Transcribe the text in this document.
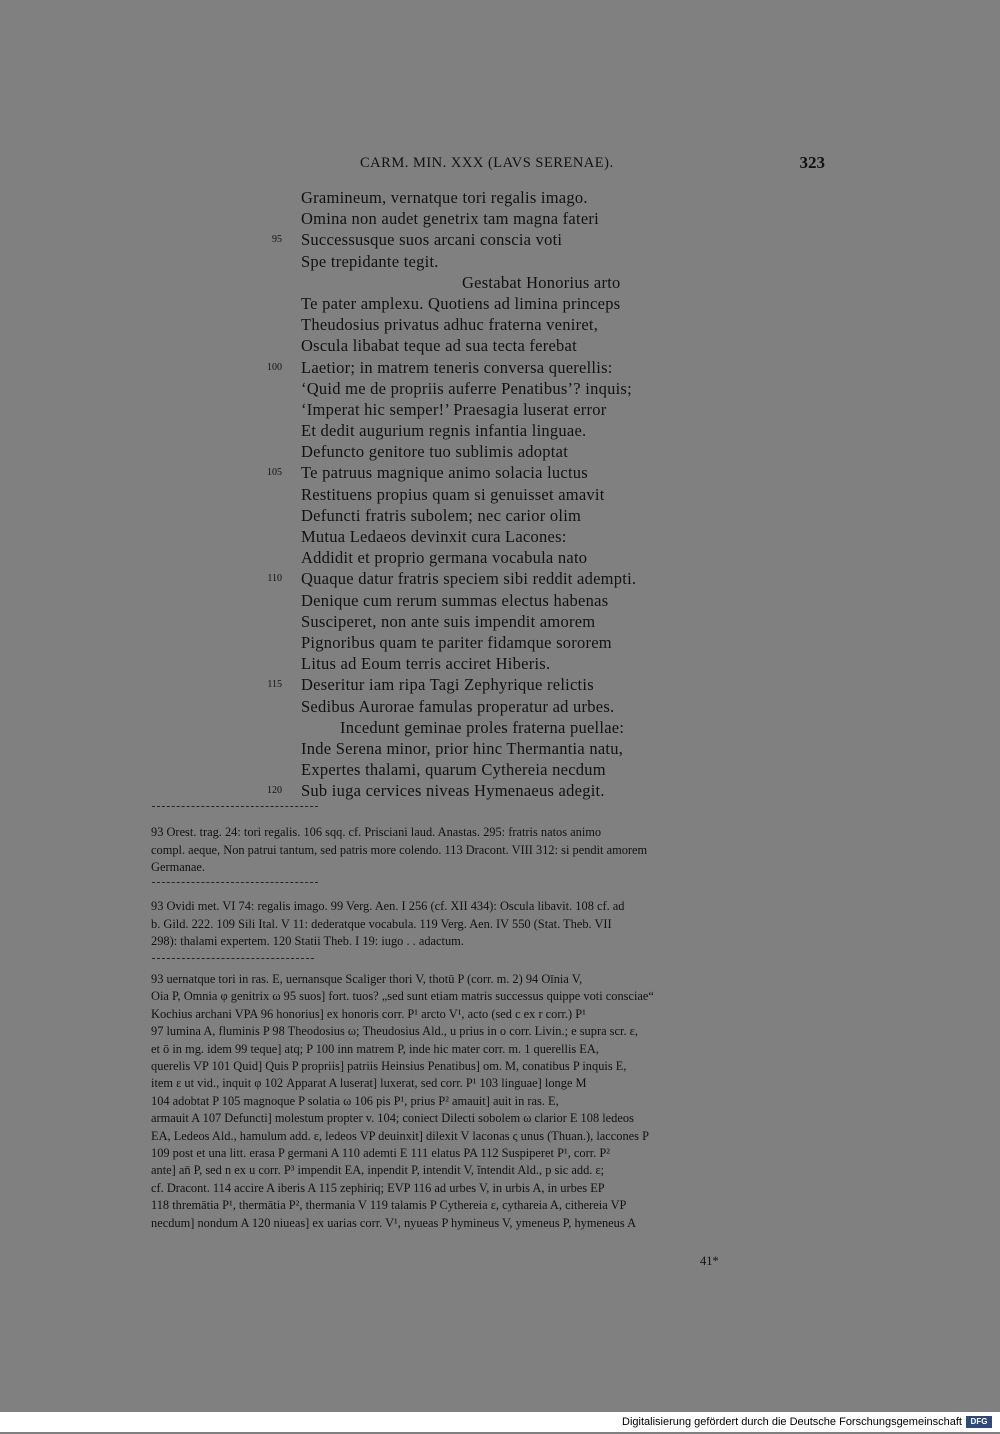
CARM. MIN. XXX (LAVS SERENAE).	323
Gramineum, vernatque tori regalis imago.
Omina non audet genetrix tam magna fateri
95 Successusque suos arcani conscia voti
Spe trepidante tegit.
Gestabat Honorius arto
Te pater amplexu. Quotiens ad limina princeps
Theudosius privatus adhuc fraterna veniret,
Oscula libabat teque ad sua tecta ferebat
100 Laetior; in matrem teneris conversa querellis:
‘Quid me de propriis auferre Penatibus’? inquis;
‘Imperat hic semper!’ Praesagia luserat error
Et dedit augurium regnis infantia linguae.
Defuncto genitore tuo sublimis adoptat
105 Te patruus magnique animo solacia luctus
Restituens propius quam si genuisset amavit
Defuncti fratris subolem; nec carior olim
Mutua Ledaeos devinxit cura Lacones:
Addidit et proprio germana vocabula nato
110 Quaque datur fratris speciem sibi reddit adempti.
Denique cum rerum summas electus habenas
Susciperet, non ante suis impendit amorem
Pignoribus quam te pariter fidamque sororem
Litus ad Eoum terris acciret Hiberis.
115 Deseritur iam ripa Tagi Zephyrique relictis
Sedibus Aurorae famulas properatur ad urbes.
Incedunt geminae proles fraterna puellae:
Inde Serena minor, prior hinc Thermantia natu,
Expertes thalami, quarum Cythereia necdum
120 Sub iuga cervices niveas Hymenaeus adegit.

93 Orest. trag. 24: tori regalis. 106 sqq. cf. Prisciani laud. Anastas. 295: fratris natos animo

compl. aeque, Non patrui tantum, sed patris more colendo. 113 Dracont. VIII 312: si pendit amorem

Germanae.

93 Ovidi met. VI 74: regalis imago. 99 Verg. Aen. I 256 (cf. XII 434): Oscula libavit. 108 cf. ad

b. Gild. 222. 109 Sili Ital. V 11: dederatque vocabula. 119 Verg. Aen. IV 550 (Stat. Theb. VII

298): thalami expertem. 120 Statii Theb. I 19: iugo . . adactum.

93 uernatque tori in ras. E, uernansque Scaliger thori V, thotū P (corr. m. 2) 94 Oīnia V,

Oia P, Omnia φ genitrix ω 95 suos] fort. tuos? „sed sunt etiam matris successus quippe voti consciae“

Kochius archani VPA 96 honorius] ex honoris corr. P¹ arcto V¹, acto (sed c ex r corr.) P¹

97 lumina A, fluminis P 98 Theodosius ω; Theudosius Ald., u prius in o corr. Livin.; e supra scr. ε,

et ō in mg. idem 99 teque] atq; P 100 inn matrem P, inde hic mater corr. m. 1 querellis EA,

querelis VP 101 Quid] Quis P propriis] patriis Heinsius Penatibus] om. M, conatibus P inquis E,

item ε ut vid., inquit φ 102 Apparat A luserat] luxerat, sed corr. P¹ 103 linguae] longe M

104 adobtat P 105 magnoque P solatia ω 106 pis P¹, prius P² amauit] auit in ras. E,

armauit A 107 Defuncti] molestum propter v. 104; coniect Dilecti sobolem ω clarior E 108 ledeos

EA, Ledeos Ald., hamulum add. ε, ledeos VP deuinxit] dilexit V laconas ς unus (Thuan.), laccones P

109 post et una litt. erasa P germani A 110 ademti E 111 elatus PA 112 Suspiperet P¹, corr. P²

ante] an̄ P, sed n ex u corr. P³ impendit EA, inpendit P, intendit V, ĩntendit Ald., p sic add. ε;

cf. Dracont. 114 accire A iberis A 115 zephiriq; EVP 116 ad urbes V, in urbis A, in urbes EP

118 thremātia P¹, thermātia P², thermania V 119 talamis P Cythereia ε, cythareia A, cithereia VP

necdum] nondum A 120 niueas] ex uarias corr. V¹, nyueas P hymineus V, ymeneus P, hymeneus A

41*
Digitalisierung gefördert durch die Deutsche Forschungsgemeinschaft	DFG
